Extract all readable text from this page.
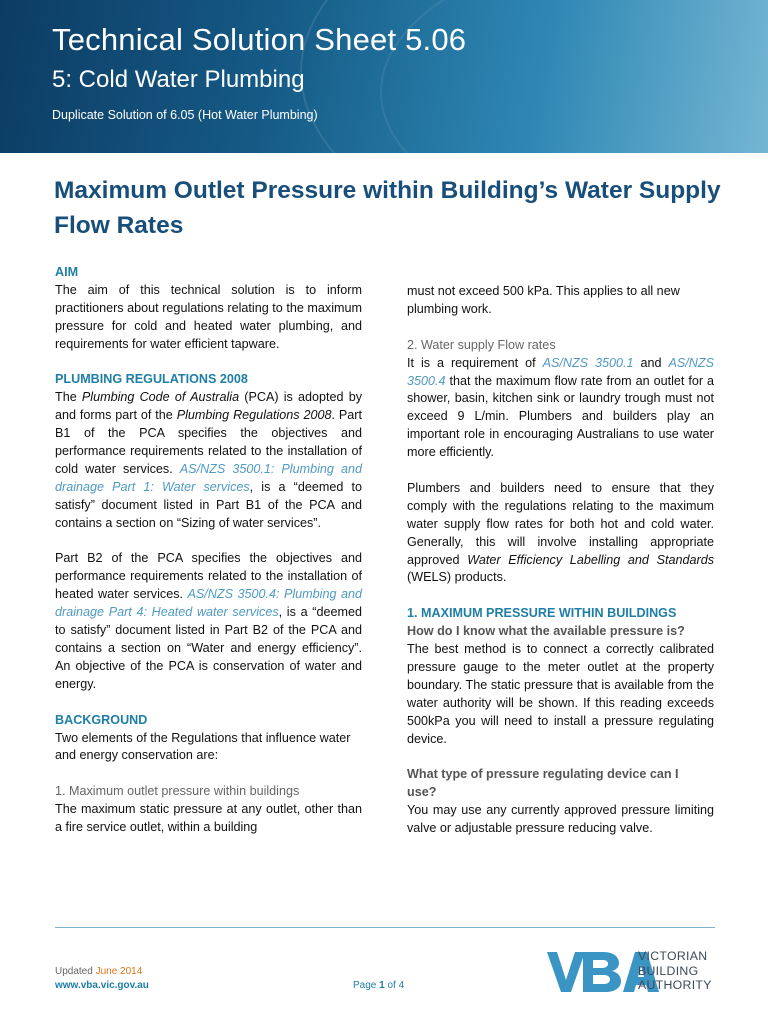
Technical Solution Sheet 5.06
5: Cold Water Plumbing

Duplicate Solution of 6.05 (Hot Water Plumbing)

Maximum Outlet Pressure within Building’s Water Supply Flow Rates

AIM

The aim of this technical solution is to inform practitioners about regulations relating to the maximum pressure for cold and heated water plumbing, and requirements for water efficient tapware.

PLUMBING REGULATIONS 2008

The Plumbing Code of Australia (PCA) is adopted by and forms part of the Plumbing Regulations 2008. Part B1 of the PCA specifies the objectives and performance requirements related to the installation of cold water services. AS/NZS 3500.1: Plumbing and drainage Part 1: Water services, is a “deemed to satisfy” document listed in Part B1 of the PCA and contains a section on “Sizing of water services”.

Part B2 of the PCA specifies the objectives and performance requirements related to the installation of heated water services. AS/NZS 3500.4: Plumbing and drainage Part 4: Heated water services, is a “deemed to satisfy” document listed in Part B2 of the PCA and contains a section on “Water and energy efficiency”. An objective of the PCA is conservation of water and energy.

BACKGROUND

Two elements of the Regulations that influence water and energy conservation are:

1. Maximum outlet pressure within buildings

The maximum static pressure at any outlet, other than a fire service outlet, within a building

must not exceed 500 kPa. This applies to all new plumbing work.

2. Water supply Flow rates

It is a requirement of AS/NZS 3500.1 and AS/NZS 3500.4 that the maximum flow rate from an outlet for a shower, basin, kitchen sink or laundry trough must not exceed 9 L/min. Plumbers and builders play an important role in encouraging Australians to use water more efficiently.

Plumbers and builders need to ensure that they comply with the regulations relating to the maximum water supply flow rates for both hot and cold water. Generally, this will involve installing appropriate approved Water Efficiency Labelling and Standards (WELS) products.

1. MAXIMUM PRESSURE WITHIN BUILDINGS

How do I know what the available pressure is?

The best method is to connect a correctly calibrated pressure gauge to the meter outlet at the property boundary. The static pressure that is available from the water authority will be shown. If this reading exceeds 500kPa you will need to install a pressure regulating device.

What type of pressure regulating device can I use?

You may use any currently approved pressure limiting valve or adjustable pressure reducing valve.

Updated June 2014
www.vba.vic.gov.au	Page 1 of 4
VICTORIAN
BUILDING
AUTHORITY
